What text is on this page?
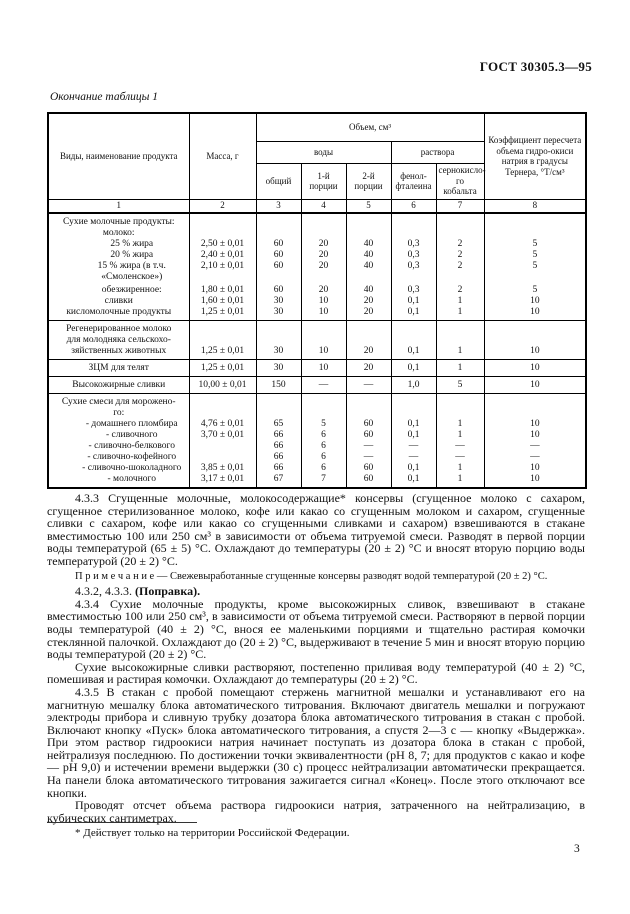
ГОСТ 30305.3—95
Окончание таблицы 1
Виды, наименование продукта	Масса, г	Объем, см³					Коэффициент пересчета объема гидро-окиси натрия в градусы Тернера, °Т/см³
		воды			раствора		
		общий	1-й порции	2-й порции	фенол-фталеина	сернокисло-го кобальта	
1	2	3	4	5	6	7	8
Сухие молочные продукты:							
молоко:							
25 % жира	2,50 ± 0,01	60	20	40	0,3	2	5
20 % жира	2,40 ± 0,01	60	20	40	0,3	2	5
15 % жира (в т.ч.	2,10 ± 0,01	60	20	40	0,3	2	5
«Смоленское»)							
обезжиренное:	1,80 ± 0,01	60	20	40	0,3	2	5
сливки	1,60 ± 0,01	30	10	20	0,1	1	10
кисломолочные продукты	1,25 ± 0,01	30	10	20	0,1	1	10
Регенерированное молоко							
для молодняка сельскохо-							
зяйственных животных	1,25 ± 0,01	30	10	20	0,1	1	10
ЗЦМ для телят	1,25 ± 0,01	30	10	20	0,1	1	10
Высокожирные сливки	10,00 ± 0,01	150	—	—	1,0	5	10
Сухие смеси для морожено-							
го:							
- домашнего пломбира	4,76 ± 0,01	65	5	60	0,1	1	10
- сливочного	3,70 ± 0,01	66	6	60	0,1	1	10
- сливочно-белкового		66	6	—	—	—	—
- сливочно-кофейного		66	6	—	—	—	—
- сливочно-шоколадного	3,85 ± 0,01	66	6	60	0,1	1	10
- молочного	3,17 ± 0,01	67	7	60	0,1	1	10

4.3.3 Сгущенные молочные, молокосодержащие* консервы (сгущенное молоко с сахаром, сгущенное стерилизованное молоко, кофе или какао со сгущенным молоком и сахаром, сгущенные сливки с сахаром, кофе или какао со сгущенными сливками и сахаром) взвешиваются в стакане вместимостью 100 или 250 см³ в зависимости от объема титруемой смеси. Разводят в первой порции воды температурой (65 ± 5) °С. Охлаждают до температуры (20 ± 2) °С и вносят вторую порцию воды температурой (20 ± 2) °С.

П р и м е ч а н и е — Свежевыработанные сгущенные консервы разводят водой температурой (20 ± 2) °С.

4.3.2, 4.3.3. (Поправка).

4.3.4 Сухие молочные продукты, кроме высокожирных сливок, взвешивают в стакане вместимостью 100 или 250 см³, в зависимости от объема титруемой смеси. Растворяют в первой порции воды температурой (40 ± 2) °С, внося ее маленькими порциями и тщательно растирая комочки стеклянной палочкой. Охлаждают до (20 ± 2) °С, выдерживают в течение 5 мин и вносят вторую порцию воды температурой (20 ± 2) °С.

Сухие высокожирные сливки растворяют, постепенно приливая воду температурой (40 ± 2) °С, помешивая и растирая комочки. Охлаждают до температуры (20 ± 2) °С.

4.3.5 В стакан с пробой помещают стержень магнитной мешалки и устанавливают его на магнитную мешалку блока автоматического титрования. Включают двигатель мешалки и погружают электроды прибора и сливную трубку дозатора блока автоматического титрования в стакан с пробой. Включают кнопку «Пуск» блока автоматического титрования, а спустя 2—3 с — кнопку «Выдержка». При этом раствор гидроокиси натрия начинает поступать из дозатора блока в стакан с пробой, нейтрализуя последнюю. По достижении точки эквивалентности (рН 8, 7; для продуктов с какао и кофе — рН 9,0) и истечении времени выдержки (30 с) процесс нейтрализации автоматически прекращается. На панели блока автоматического титрования зажигается сигнал «Конец». После этого отключают все кнопки.

Проводят отсчет объема раствора гидроокиси натрия, затраченного на нейтрализацию, в кубических сантиметрах.

* Действует только на территории Российской Федерации.

3
